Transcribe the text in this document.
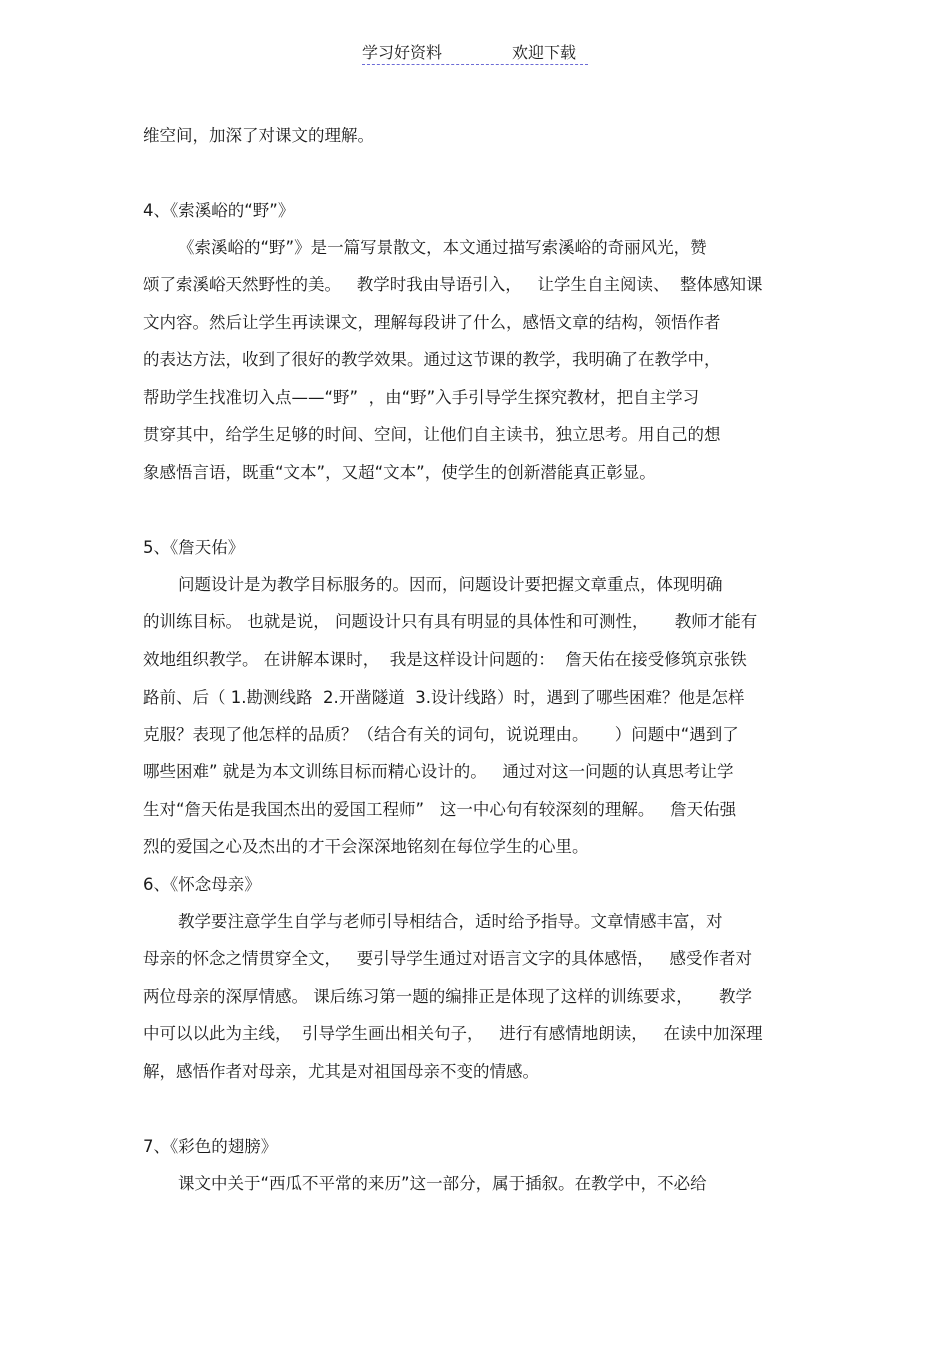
学习好资料	欢迎下载

维空间，加深了对课文的理解。

4、《索溪峪的“野”》

《索溪峪的“野”》是一篇写景散文，本文通过描写索溪峪的奇丽风光，赞

颂了索溪峪天然野性的美。   教学时我由导语引入，   让学生自主阅读、  整体感知课

文内容。然后让学生再读课文，理解每段讲了什么，感悟文章的结构，领悟作者

的表达方法，收到了很好的教学效果。通过这节课的教学，我明确了在教学中，

帮助学生找准切入点——“野”  ，由“野”入手引导学生探究教材，把自主学习

贯穿其中，给学生足够的时间、空间，让他们自主读书，独立思考。用自己的想

象感悟言语，既重“文本”，又超“文本”，使学生的创新潜能真正彰显。

5、《詹天佑》

问题设计是为教学目标服务的。因而，问题设计要把握文章重点，体现明确

的训练目标。 也就是说， 问题设计只有具有明显的具体性和可测性，     教师才能有

效地组织教学。 在讲解本课时，  我是这样设计问题的：  詹天佑在接受修筑京张铁

路前、后（ 1.勘测线路  2.开凿隧道  3.设计线路）时，遇到了哪些困难？他是怎样

克服？表现了他怎样的品质？（结合有关的词句，说说理由。     ）问题中“遇到了

哪些困难” 就是为本文训练目标而精心设计的。   通过对这一问题的认真思考让学

生对“詹天佑是我国杰出的爱国工程师”   这一中心句有较深刻的理解。   詹天佑强

烈的爱国之心及杰出的才干会深深地铭刻在每位学生的心里。

6、《怀念母亲》

教学要注意学生自学与老师引导相结合，适时给予指导。文章情感丰富，对

母亲的怀念之情贯穿全文，   要引导学生通过对语言文字的具体感悟，   感受作者对

两位母亲的深厚情感。 课后练习第一题的编排正是体现了这样的训练要求，     教学

中可以以此为主线，  引导学生画出相关句子，   进行有感情地朗读，   在读中加深理

解，感悟作者对母亲，尤其是对祖国母亲不变的情感。

7、《彩色的翅膀》

课文中关于“西瓜不平常的来历”这一部分，属于插叙。在教学中，不必给
